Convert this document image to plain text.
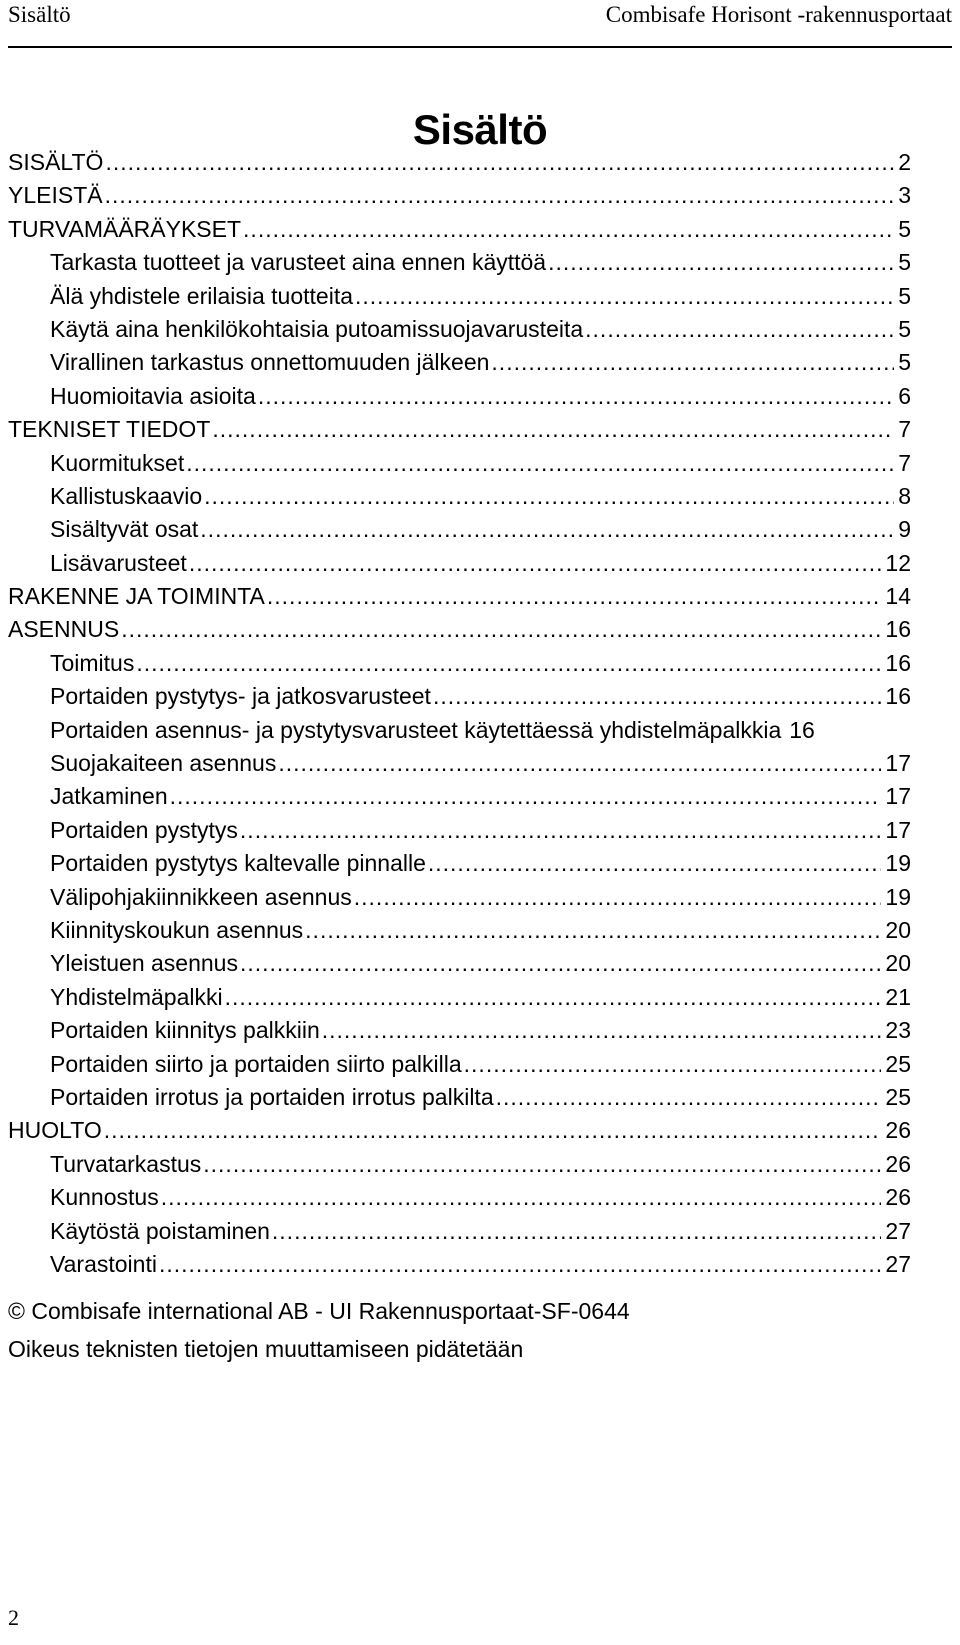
Sisältö	Combisafe Horisont -rakennusportaat
Sisältö
SISÄLTÖ .....	2
YLEISTÄ .....	3
TURVAMÄÄRÄYKSET .....	5
Tarkasta tuotteet ja varusteet aina ennen käyttöä .....	5
Älä yhdistele erilaisia tuotteita .....	5
Käytä aina henkilökohtaisia putoamissuojavarusteita .....	5
Virallinen tarkastus onnettomuuden jälkeen .....	5
Huomioitavia asioita .....	6
TEKNISET TIEDOT .....	7
Kuormitukset .....	7
Kallistuskaavio .....	8
Sisältyvät osat .....	9
Lisävarusteet .....	12
RAKENNE JA TOIMINTA .....	14
ASENNUS .....	16
Toimitus .....	16
Portaiden pystytys- ja jatkosvarusteet .....	16
Portaiden asennus- ja pystytysvarusteet käytettäessä yhdistelmäpalkkia 16
Suojakaiteen asennus .....	17
Jatkaminen .....	17
Portaiden pystytys .....	17
Portaiden pystytys kaltevalle pinnalle .....	19
Välipohjakiinnikkeen asennus .....	19
Kiinnityskoukun asennus .....	20
Yleistuen asennus .....	20
Yhdistelmäpalkki .....	21
Portaiden kiinnitys palkkiin .....	23
Portaiden siirto ja portaiden siirto palkilla .....	25
Portaiden irrotus ja portaiden irrotus palkilta .....	25
HUOLTO .....	26
Turvatarkastus .....	26
Kunnostus .....	26
Käytöstä poistaminen .....	27
Varastointi .....	27
© Combisafe international AB - UI Rakennusportaat-SF-0644
Oikeus teknisten tietojen muuttamiseen pidätetään
2
